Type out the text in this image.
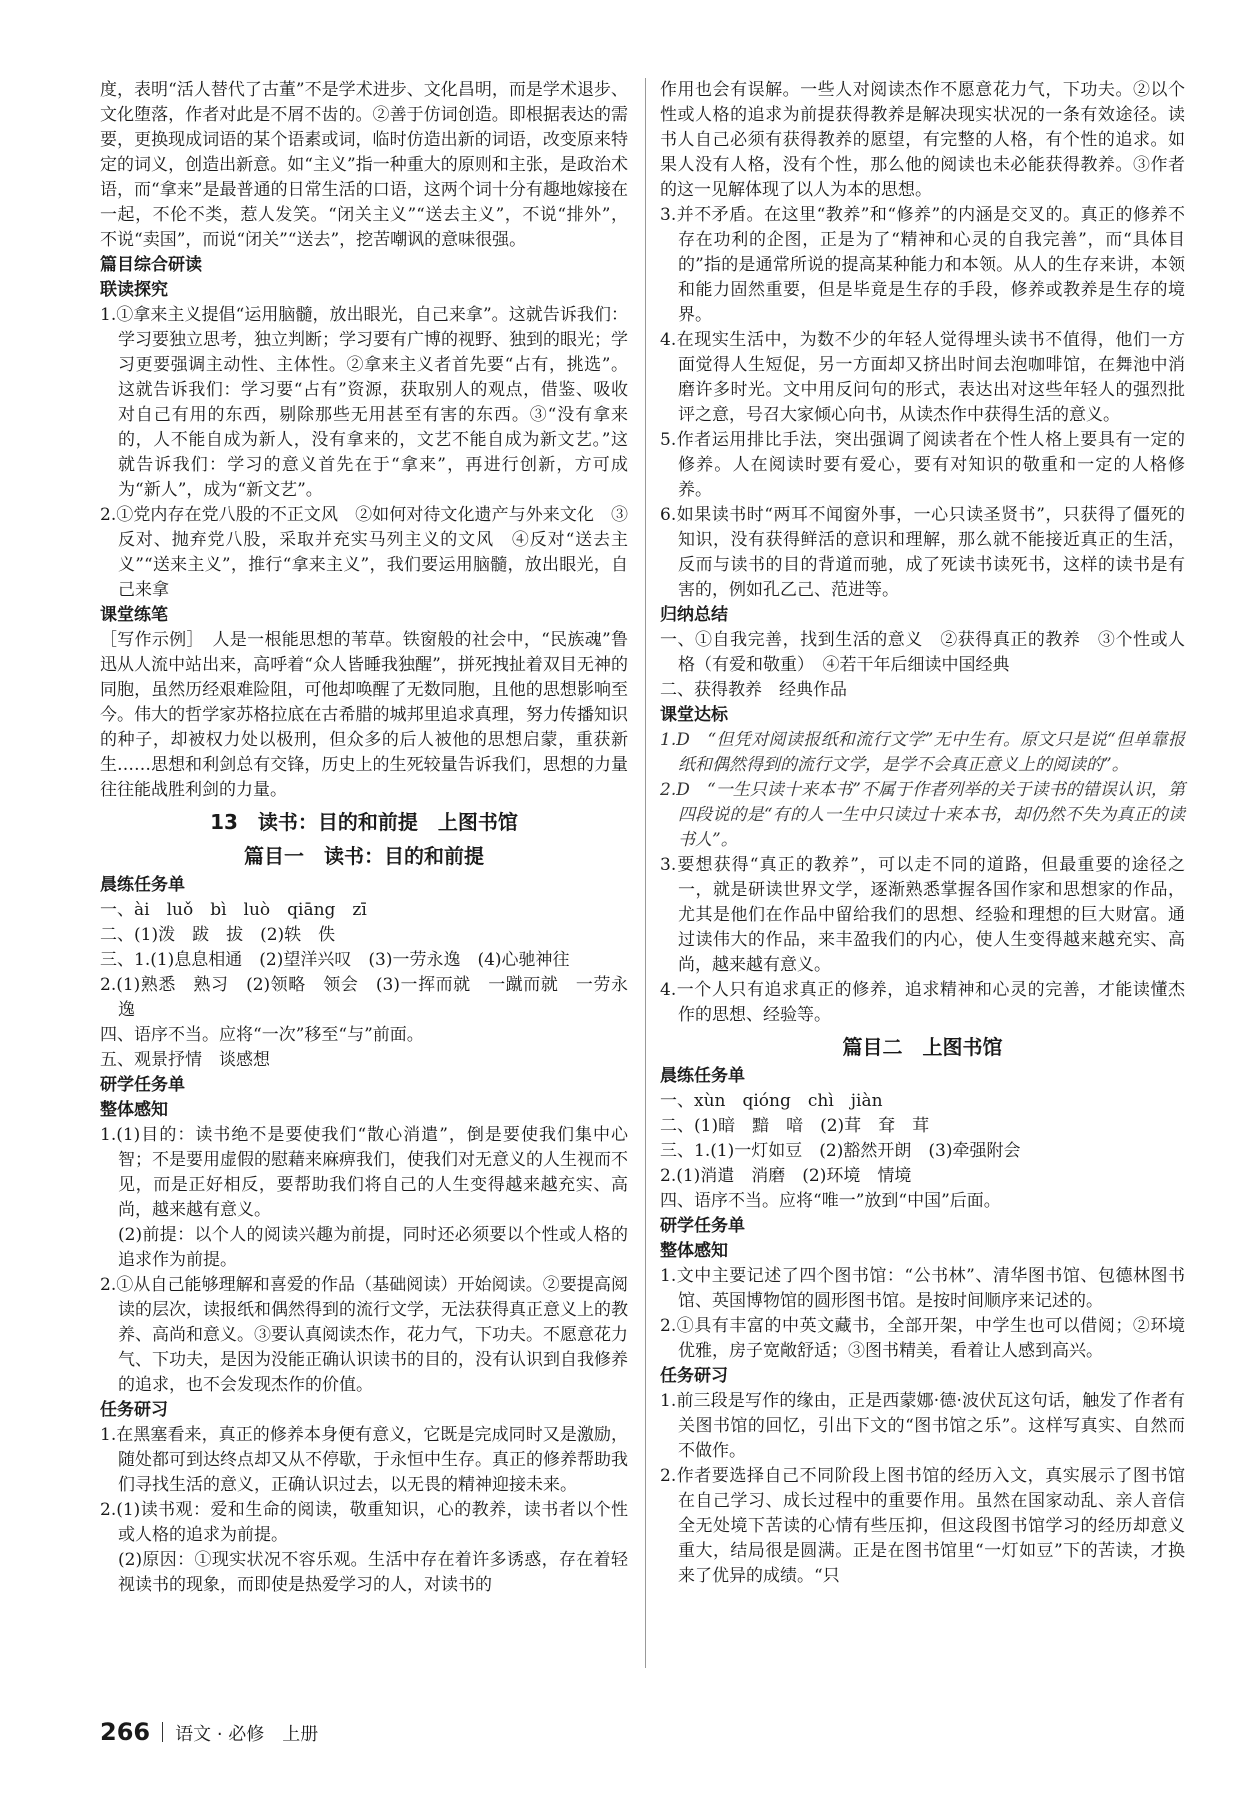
度，表明“活人替代了古董”不是学术进步、文化昌明，而是学术退步、文化堕落，作者对此是不屑不齿的。②善于仿词创造。即根据表达的需要，更换现成词语的某个语素或词，临时仿造出新的词语，改变原来特定的词义，创造出新意。如“主义”指一种重大的原则和主张，是政治术语，而“拿来”是最普通的日常生活的口语，这两个词十分有趣地嫁接在一起，不伦不类，惹人发笑。“闭关主义”“送去主义”，不说“排外”，不说“卖国”，而说“闭关”“送去”，挖苦嘲讽的意味很强。

篇目综合研读
联读探究

1.①拿来主义提倡“运用脑髓，放出眼光，自己来拿”。这就告诉我们：学习要独立思考，独立判断；学习要有广博的视野、独到的眼光；学习更要强调主动性、主体性。②拿来主义者首先要“占有，挑选”。这就告诉我们：学习要“占有”资源，获取别人的观点，借鉴、吸收对自己有用的东西，剔除那些无用甚至有害的东西。③“没有拿来的，人不能自成为新人，没有拿来的，文艺不能自成为新文艺。”这就告诉我们：学习的意义首先在于“拿来”，再进行创新，方可成为“新人”，成为“新文艺”。

2.①党内存在党八股的不正文风　②如何对待文化遗产与外来文化　③反对、抛弃党八股，采取并充实马列主义的文风　④反对“送去主义”“送来主义”，推行“拿来主义”，我们要运用脑髓，放出眼光，自己来拿

课堂练笔

［写作示例］　人是一根能思想的苇草。铁窗般的社会中，“民族魂”鲁迅从人流中站出来，高呼着“众人皆睡我独醒”，拼死拽扯着双目无神的同胞，虽然历经艰难险阻，可他却唤醒了无数同胞，且他的思想影响至今。伟大的哲学家苏格拉底在古希腊的城邦里追求真理，努力传播知识的种子，却被权力处以极刑，但众多的后人被他的思想启蒙，重获新生……思想和利剑总有交锋，历史上的生死较量告诉我们，思想的力量往往能战胜利剑的力量。

13　读书：目的和前提　上图书馆
篇目一　读书：目的和前提
晨练任务单

一、ài　luǒ　bì　luò　qiāng　zī

二、(1)泼　跋　拔　(2)轶　佚

三、1.(1)息息相通　(2)望洋兴叹　(3)一劳永逸　(4)心驰神往

2.(1)熟悉　熟习　(2)领略　领会　(3)一挥而就　一蹴而就　一劳永逸

四、语序不当。应将“一次”移至“与”前面。

五、观景抒情　谈感想

研学任务单
整体感知

1.(1)目的：读书绝不是要使我们“散心消遣”，倒是要使我们集中心智；不是要用虚假的慰藉来麻痹我们，使我们对无意义的人生视而不见，而是正好相反，要帮助我们将自己的人生变得越来越充实、高尚，越来越有意义。

(2)前提：以个人的阅读兴趣为前提，同时还必须要以个性或人格的追求作为前提。

2.①从自己能够理解和喜爱的作品（基础阅读）开始阅读。②要提高阅读的层次，读报纸和偶然得到的流行文学，无法获得真正意义上的教养、高尚和意义。③要认真阅读杰作，花力气，下功夫。不愿意花力气、下功夫，是因为没能正确认识读书的目的，没有认识到自我修养的追求，也不会发现杰作的价值。

任务研习

1.在黑塞看来，真正的修养本身便有意义，它既是完成同时又是激励，随处都可到达终点却又从不停歇，于永恒中生存。真正的修养帮助我们寻找生活的意义，正确认识过去，以无畏的精神迎接未来。

2.(1)读书观：爱和生命的阅读，敬重知识，心的教养，读书者以个性或人格的追求为前提。

(2)原因：①现实状况不容乐观。生活中存在着许多诱惑，存在着轻视读书的现象，而即使是热爱学习的人，对读书的

作用也会有误解。一些人对阅读杰作不愿意花力气，下功夫。②以个性或人格的追求为前提获得教养是解决现实状况的一条有效途径。读书人自己必须有获得教养的愿望，有完整的人格，有个性的追求。如果人没有人格，没有个性，那么他的阅读也未必能获得教养。③作者的这一见解体现了以人为本的思想。

3.并不矛盾。在这里“教养”和“修养”的内涵是交叉的。真正的修养不存在功利的企图，正是为了“精神和心灵的自我完善”，而“具体目的”指的是通常所说的提高某种能力和本领。从人的生存来讲，本领和能力固然重要，但是毕竟是生存的手段，修养或教养是生存的境界。

4.在现实生活中，为数不少的年轻人觉得埋头读书不值得，他们一方面觉得人生短促，另一方面却又挤出时间去泡咖啡馆，在舞池中消磨许多时光。文中用反问句的形式，表达出对这些年轻人的强烈批评之意，号召大家倾心向书，从读杰作中获得生活的意义。

5.作者运用排比手法，突出强调了阅读者在个性人格上要具有一定的修养。人在阅读时要有爱心，要有对知识的敬重和一定的人格修养。

6.如果读书时“两耳不闻窗外事，一心只读圣贤书”，只获得了僵死的知识，没有获得鲜活的意识和理解，那么就不能接近真正的生活，反而与读书的目的背道而驰，成了死读书读死书，这样的读书是有害的，例如孔乙己、范进等。

归纳总结

一、①自我完善，找到生活的意义　②获得真正的教养　③个性或人格（有爱和敬重）　④若干年后细读中国经典

二、获得教养　经典作品

课堂达标

1.D　“但凭对阅读报纸和流行文学”无中生有。原文只是说“但单靠报纸和偶然得到的流行文学，是学不会真正意义上的阅读的”。

2.D　“一生只读十来本书”不属于作者列举的关于读书的错误认识，第四段说的是“有的人一生中只读过十来本书，却仍然不失为真正的读书人”。

3.要想获得“真正的教养”，可以走不同的道路，但最重要的途径之一，就是研读世界文学，逐渐熟悉掌握各国作家和思想家的作品，尤其是他们在作品中留给我们的思想、经验和理想的巨大财富。通过读伟大的作品，来丰盈我们的内心，使人生变得越来越充实、高尚，越来越有意义。

4.一个人只有追求真正的修养，追求精神和心灵的完善，才能读懂杰作的思想、经验等。

篇目二　上图书馆
晨练任务单

一、xùn　qióng　chì　jiàn

二、(1)暗　黯　喑　(2)茸　耷　茸

三、1.(1)一灯如豆　(2)豁然开朗　(3)牵强附会

2.(1)消遣　消磨　(2)环境　情境

四、语序不当。应将“唯一”放到“中国”后面。

研学任务单
整体感知

1.文中主要记述了四个图书馆：“公书林”、清华图书馆、包德林图书馆、英国博物馆的圆形图书馆。是按时间顺序来记述的。

2.①具有丰富的中英文藏书，全部开架，中学生也可以借阅；②环境优雅，房子宽敞舒适；③图书精美，看着让人感到高兴。

任务研习

1.前三段是写作的缘由，正是西蒙娜·德·波伏瓦这句话，触发了作者有关图书馆的回忆，引出下文的“图书馆之乐”。这样写真实、自然而不做作。

2.作者要选择自己不同阶段上图书馆的经历入文，真实展示了图书馆在自己学习、成长过程中的重要作用。虽然在国家动乱、亲人音信全无处境下苦读的心情有些压抑，但这段图书馆学习的经历却意义重大，结局很是圆满。正是在图书馆里“一灯如豆”下的苦读，才换来了优异的成绩。“只

266 语文 · 必修　上册
